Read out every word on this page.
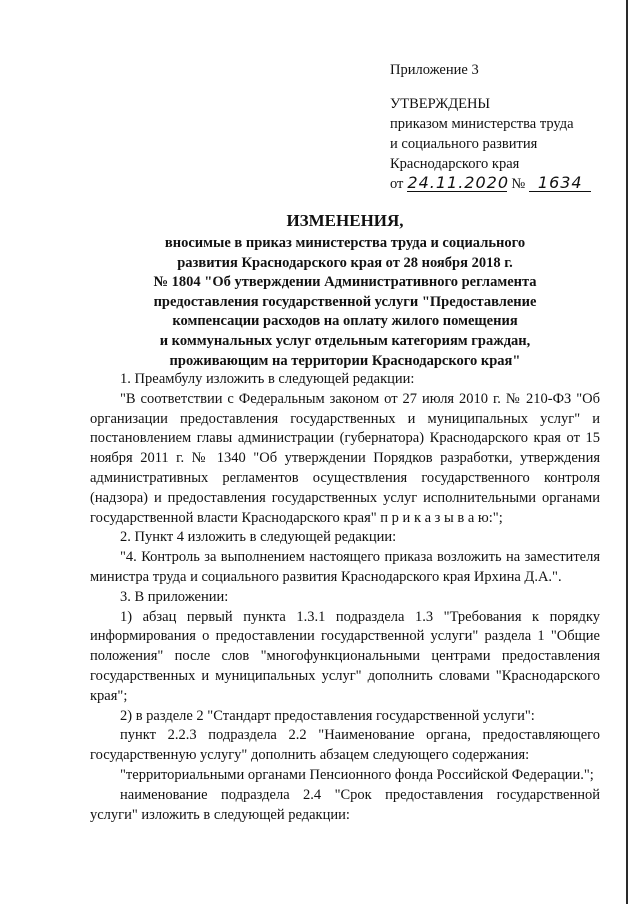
Приложение 3
УТВЕРЖДЕНЫ
приказом министерства труда
и социального развития
Краснодарского края
от 24.11.2020 № 1634
ИЗМЕНЕНИЯ,

вносимые в приказ министерства труда и социального

развития Краснодарского края от 28 ноября 2018 г.

№ 1804 "Об утверждении Административного регламента

предоставления государственной услуги "Предоставление

компенсации расходов на оплату жилого помещения

и коммунальных услуг отдельным категориям граждан,

проживающим на территории Краснодарского края"

1. Преамбулу изложить в следующей редакции:

"В соответствии с Федеральным законом от 27 июля 2010 г. № 210-ФЗ "Об организации предоставления государственных и муниципальных услуг" и постановлением главы администрации (губернатора) Краснодарского края от 15 ноября 2011 г. № 1340 "Об утверждении Порядков разработки, утверждения административных регламентов осуществления государственного контроля (надзора) и предоставления государственных услуг исполнительными органами государственной власти Краснодарского края" п р и к а з ы в а ю:";

2. Пункт 4 изложить в следующей редакции:

"4. Контроль за выполнением настоящего приказа возложить на заместителя министра труда и социального развития Краснодарского края Ирхина Д.А.".

3. В приложении:

1) абзац первый пункта 1.3.1 подраздела 1.3 "Требования к порядку информирования о предоставлении государственной услуги" раздела 1 "Общие положения" после слов "многофункциональными центрами предоставления государственных и муниципальных услуг" дополнить словами "Краснодарского края";

2) в разделе 2 "Стандарт предоставления государственной услуги":

пункт 2.2.3 подраздела 2.2 "Наименование органа, предоставляющего государственную услугу" дополнить абзацем следующего содержания:

"территориальными органами Пенсионного фонда Российской Федерации.";

наименование подраздела 2.4 "Срок предоставления государственной услуги" изложить в следующей редакции:
